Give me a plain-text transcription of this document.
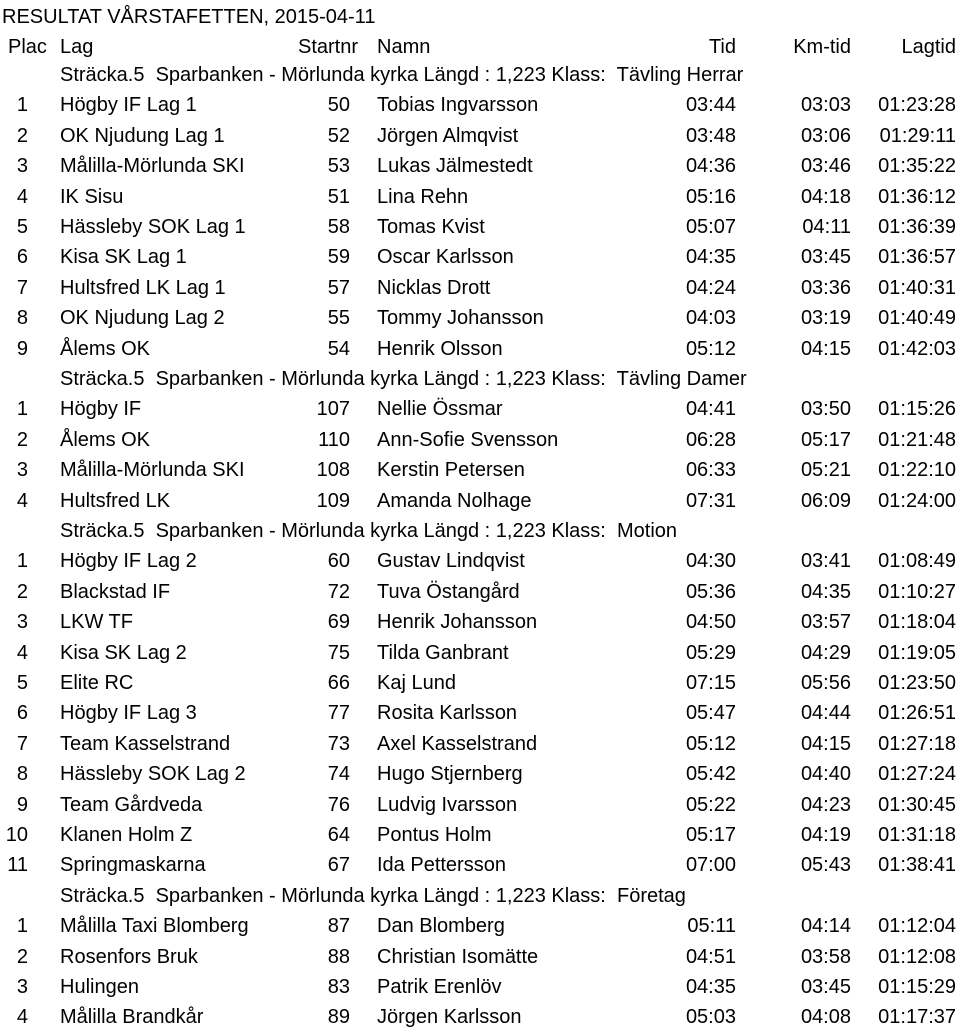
RESULTAT VÅRSTAFETTEN, 2015-04-11
Plac Lag	Startnr Namn	Tid	Km-tid	Lagtid
Sträcka.5  Sparbanken - Mörlunda kyrka Längd : 1,223 Klass:  Tävling Herrar
1 Högby IF Lag 1	50 Tobias Ingvarsson	03:44	03:03 01:23:28
2 OK Njudung Lag 1	52 Jörgen Almqvist	03:48	03:06 01:29:11
3 Målilla-Mörlunda SKI	53 Lukas Jälmestedt	04:36	03:46 01:35:22
4 IK Sisu	51 Lina Rehn	05:16	04:18 01:36:12
5 Hässleby SOK Lag 1	58 Tomas Kvist	05:07	04:11 01:36:39
6 Kisa SK Lag 1	59 Oscar Karlsson	04:35	03:45 01:36:57
7 Hultsfred LK Lag 1	57 Nicklas Drott	04:24	03:36 01:40:31
8 OK Njudung Lag 2	55 Tommy Johansson	04:03	03:19 01:40:49
9 Ålems OK	54 Henrik Olsson	05:12	04:15 01:42:03
Sträcka.5  Sparbanken - Mörlunda kyrka Längd : 1,223 Klass:  Tävling Damer
1 Högby IF	107 Nellie Össmar	04:41	03:50 01:15:26
2 Ålems OK	110 Ann-Sofie Svensson	06:28	05:17 01:21:48
3 Målilla-Mörlunda SKI	108 Kerstin Petersen	06:33	05:21 01:22:10
4 Hultsfred LK	109 Amanda Nolhage	07:31	06:09 01:24:00
Sträcka.5  Sparbanken - Mörlunda kyrka Längd : 1,223 Klass:  Motion
1 Högby IF Lag 2	60 Gustav Lindqvist	04:30	03:41 01:08:49
2 Blackstad IF	72 Tuva Östangård	05:36	04:35 01:10:27
3 LKW TF	69 Henrik Johansson	04:50	03:57 01:18:04
4 Kisa SK Lag 2	75 Tilda Ganbrant	05:29	04:29 01:19:05
5 Elite RC	66 Kaj Lund	07:15	05:56 01:23:50
6 Högby IF Lag 3	77 Rosita Karlsson	05:47	04:44 01:26:51
7 Team Kasselstrand	73 Axel Kasselstrand	05:12	04:15 01:27:18
8 Hässleby SOK Lag 2	74 Hugo Stjernberg	05:42	04:40 01:27:24
9 Team Gårdveda	76 Ludvig Ivarsson	05:22	04:23 01:30:45
10 Klanen Holm Z	64 Pontus Holm	05:17	04:19 01:31:18
11 Springmaskarna	67 Ida Pettersson	07:00	05:43 01:38:41
Sträcka.5  Sparbanken - Mörlunda kyrka Längd : 1,223 Klass:  Företag
1 Målilla Taxi Blomberg	87 Dan Blomberg	05:11	04:14 01:12:04
2 Rosenfors Bruk	88 Christian Isomätte	04:51	03:58 01:12:08
3 Hulingen	83 Patrik Erenlöv	04:35	03:45 01:15:29
4 Målilla Brandkår	89 Jörgen Karlsson	05:03	04:08 01:17:37
